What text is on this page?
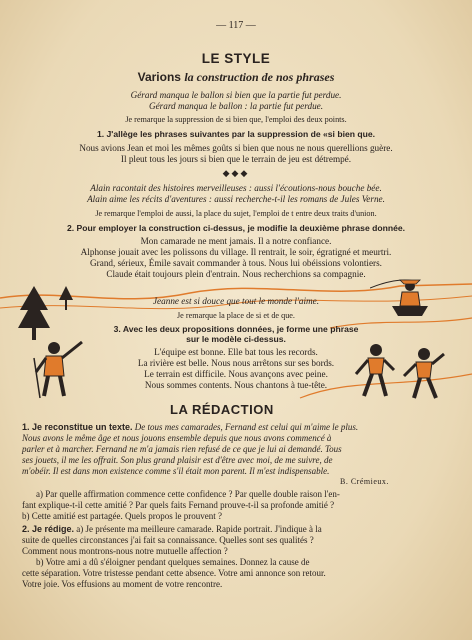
— 117 —
LE STYLE
Varions la construction de nos phrases
Gérard manqua le ballon si bien que la partie fut perdue.
Gérard manqua le ballon : la partie fut perdue.
Je remarque la suppression de si bien que, l'emploi des deux points.
1. J'allège les phrases suivantes par la suppression de «si bien que.
Nous avions Jean et moi les mêmes goûts si bien que nous ne nous querellions guère.
Il pleut tous les jours si bien que le terrain de jeu est détrempé.
◆◆◆
Alain racontait des histoires merveilleuses : aussi l'écoutions-nous bouche bée.
Alain aime les récits d'aventures : aussi recherche-t-il les romans de Jules Verne.
Je remarque l'emploi de aussi, la place du sujet, l'emploi de t entre deux traits d'union.
2. Pour employer la construction ci-dessus, je modifie la deuxième phrase donnée.
Mon camarade ne ment jamais. Il a notre confiance.
Alphonse jouait avec les polissons du village. Il rentrait, le soir, égratigné et meurtri.
Grand, sérieux, Émile savait commander à tous. Nous lui obéissions volontiers.
Claude était toujours plein d'entrain. Nous recherchions sa compagnie.
Jeanne est si douce que tout le monde l'aime.
Je remarque la place de si et de que.
3. Avec les deux propositions données, je forme une phrase
sur le modèle ci-dessus.
L'équipe est bonne. Elle bat tous les records.
La rivière est belle. Nous nous arrêtons sur ses bords.
Le terrain est difficile. Nous avançons avec peine.
Nous sommes contents. Nous chantons à tue-tête.
LA RÉDACTION
1. Je reconstitue un texte. De tous mes camarades, Fernand est celui qui m'aime le plus.
Nous avons le même âge et nous jouons ensemble depuis que nous avons commencé à
parler et à marcher. Fernand ne m'a jamais rien refusé de ce que je lui ai demandé. Tous
ses jouets, il me les offrait. Son plus grand plaisir est d'être avec moi, de me suivre, de
m'obéir. Il est dans mon existence comme s'il était mon parent. Il m'est indispensable.
B. Crémieux.
a) Par quelle affirmation commence cette confidence ? Par quelle double raison l'en-
fant explique-t-il cette amitié ? Par quels faits Fernand prouve-t-il sa profonde amitié ?
b) Cette amitié est partagée. Quels propos le prouvent ?
2. Je rédige. a) Je présente ma meilleure camarade. Rapide portrait. J'indique à la
suite de quelles circonstances j'ai fait sa connaissance. Quelles sont ses qualités ?
Comment nous montrons-nous notre mutuelle affection ?
b) Votre ami a dû s'éloigner pendant quelques semaines. Donnez la cause de
cette séparation. Votre tristesse pendant cette absence. Votre ami annonce son retour.
Votre joie. Vos effusions au moment de votre rencontre.
